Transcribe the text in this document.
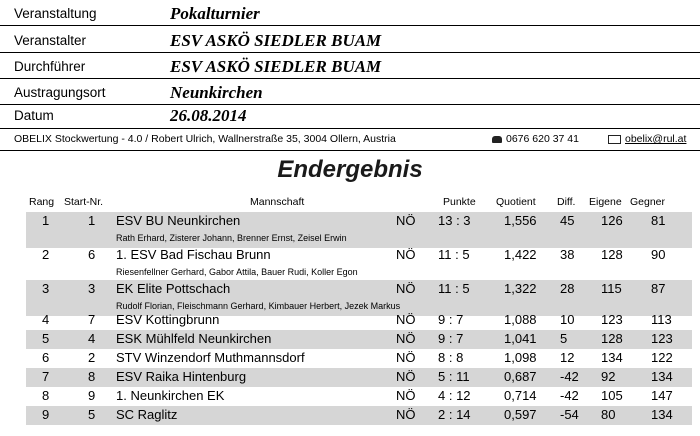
Veranstaltung	Pokalturnier
Veranstalter	ESV ASKÖ SIEDLER BUAM
Durchführer	ESV ASKÖ SIEDLER BUAM
Austragungsort	Neunkirchen
Datum	26.08.2014
OBELIX Stockwertung - 4.0 / Robert Ulrich, Wallnerstraße 35, 3004 Ollern, Austria	0676 620 37 41	obelix@rul.at
Endergebnis
Rang Start-Nr.	Mannschaft	Punkte Quotient Diff. Eigene Gegner
1	1 ESV BU Neunkirchen	NÖ 13 : 3	1,556 45 126 81
Rath Erhard, Zisterer Johann, Brenner Ernst, Zeisel Erwin
2	6 1. ESV Bad Fischau Brunn	NÖ 11 : 5	1,422 38 128 90
Riesenfellner Gerhard, Gabor Attila, Bauer Rudi, Koller Egon
3	3 EK Elite Pottschach	NÖ 11 : 5	1,322 28 115 87
Rudolf Florian, Fleischmann Gerhard, Kimbauer Herbert, Jezek Markus
4	7 ESV Kottingbrunn	NÖ 9 : 7	1,088 10 123 113
5	4 ESK Mühlfeld Neunkirchen	NÖ 9 : 7	1,041 5	128 123
6	2 STV Winzendorf Muthmannsdorf	NÖ 8 : 8	1,098 12 134 122
7	8 ESV Raika Hintenburg	NÖ 5 : 11	0,687 -42 92	134
8	9 1. Neunkirchen EK	NÖ 4 : 12	0,714 -42 105 147
9	5 SC Raglitz	NÖ 2 : 14	0,597 -54 80	134
